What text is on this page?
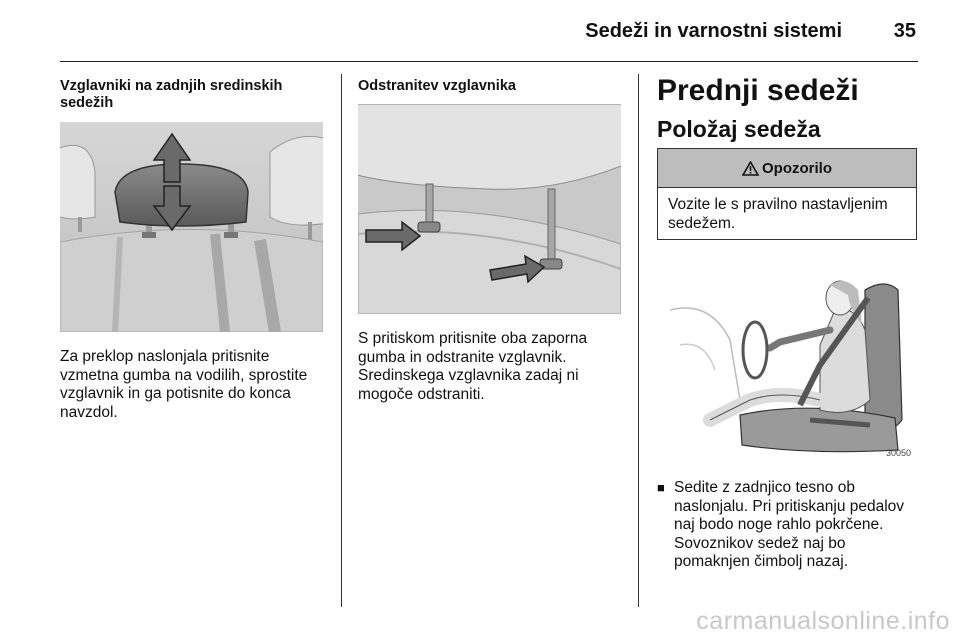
Sedeži in varnostni sistemi	35

Vzglavniki na zadnjih sredinskih sedežih

Za preklop naslonjala pritisnite vzmetna gumba na vodilih, sprostite vzglavnik in ga potisnite do konca navzdol.

Odstranitev vzglavnika

S pritiskom pritisnite oba zaporna gumba in odstranite vzglavnik. Sredinskega vzglavnika zadaj ni mogoče odstraniti.

Prednji sedeži
Položaj sedeža
Opozorilo
Vozite le s pravilno nastavljenim sedežem.
30050
■ Sedite z zadnjico tesno ob naslonjalu. Pri pritiskanju pedalov naj bodo noge rahlo pokrčene. Sovoznikov sedež naj bo pomaknjen čimbolj nazaj.
carmanualsonline.info
